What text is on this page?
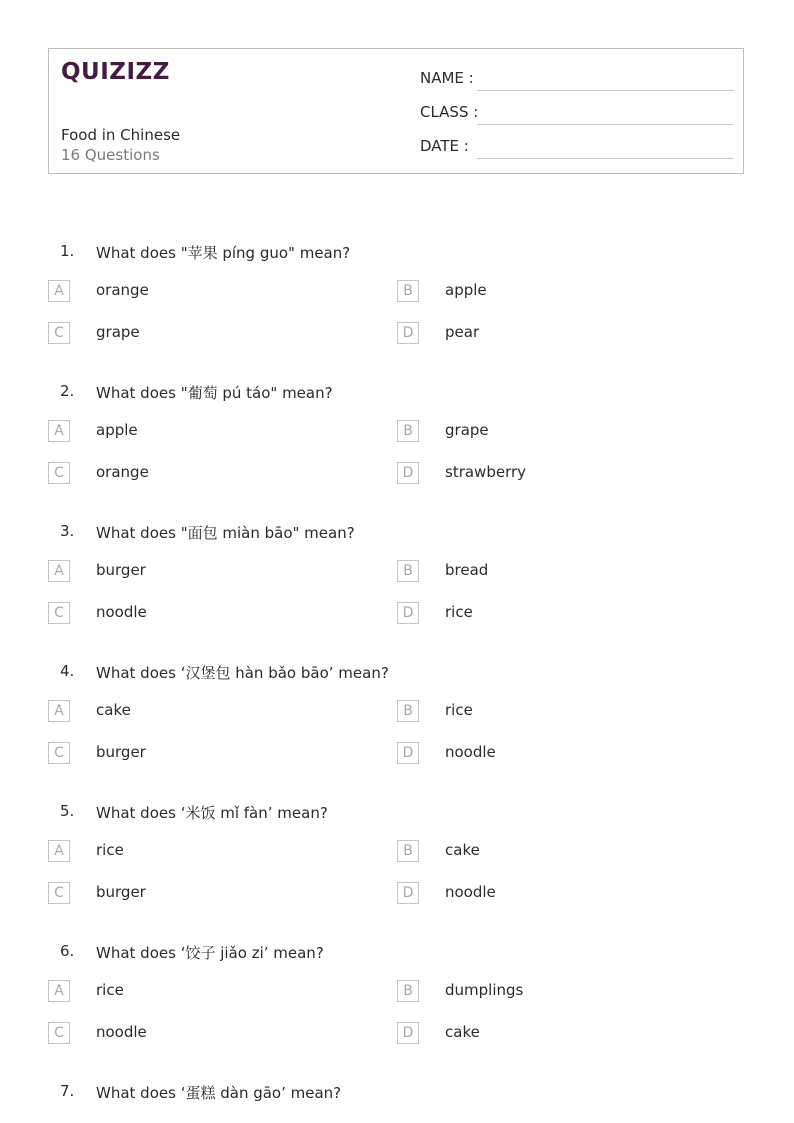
QUIZIZZ
Food in Chinese
16 Questions
NAME :
CLASS :
DATE :
1. What does "苹果 píng guo" mean?
A	orange	B	apple
C	grape	D	pear
2. What does "葡萄 pú táo" mean?
A	apple	B	grape
C	orange	D	strawberry
3. What does "面包 miàn bāo" mean?
A	burger	B	bread
C	noodle	D	rice
4. What does ‘汉堡包 hàn bǎo bāo’ mean?
A	cake	B	rice
C	burger	D	noodle
5. What does ‘米饭 mǐ fàn’ mean?
A	rice	B	cake
C	burger	D	noodle
6. What does ‘饺子 jiǎo zi’ mean?
A	rice	B	dumplings
C	noodle	D	cake
7. What does ‘蛋糕 dàn gāo’ mean?
